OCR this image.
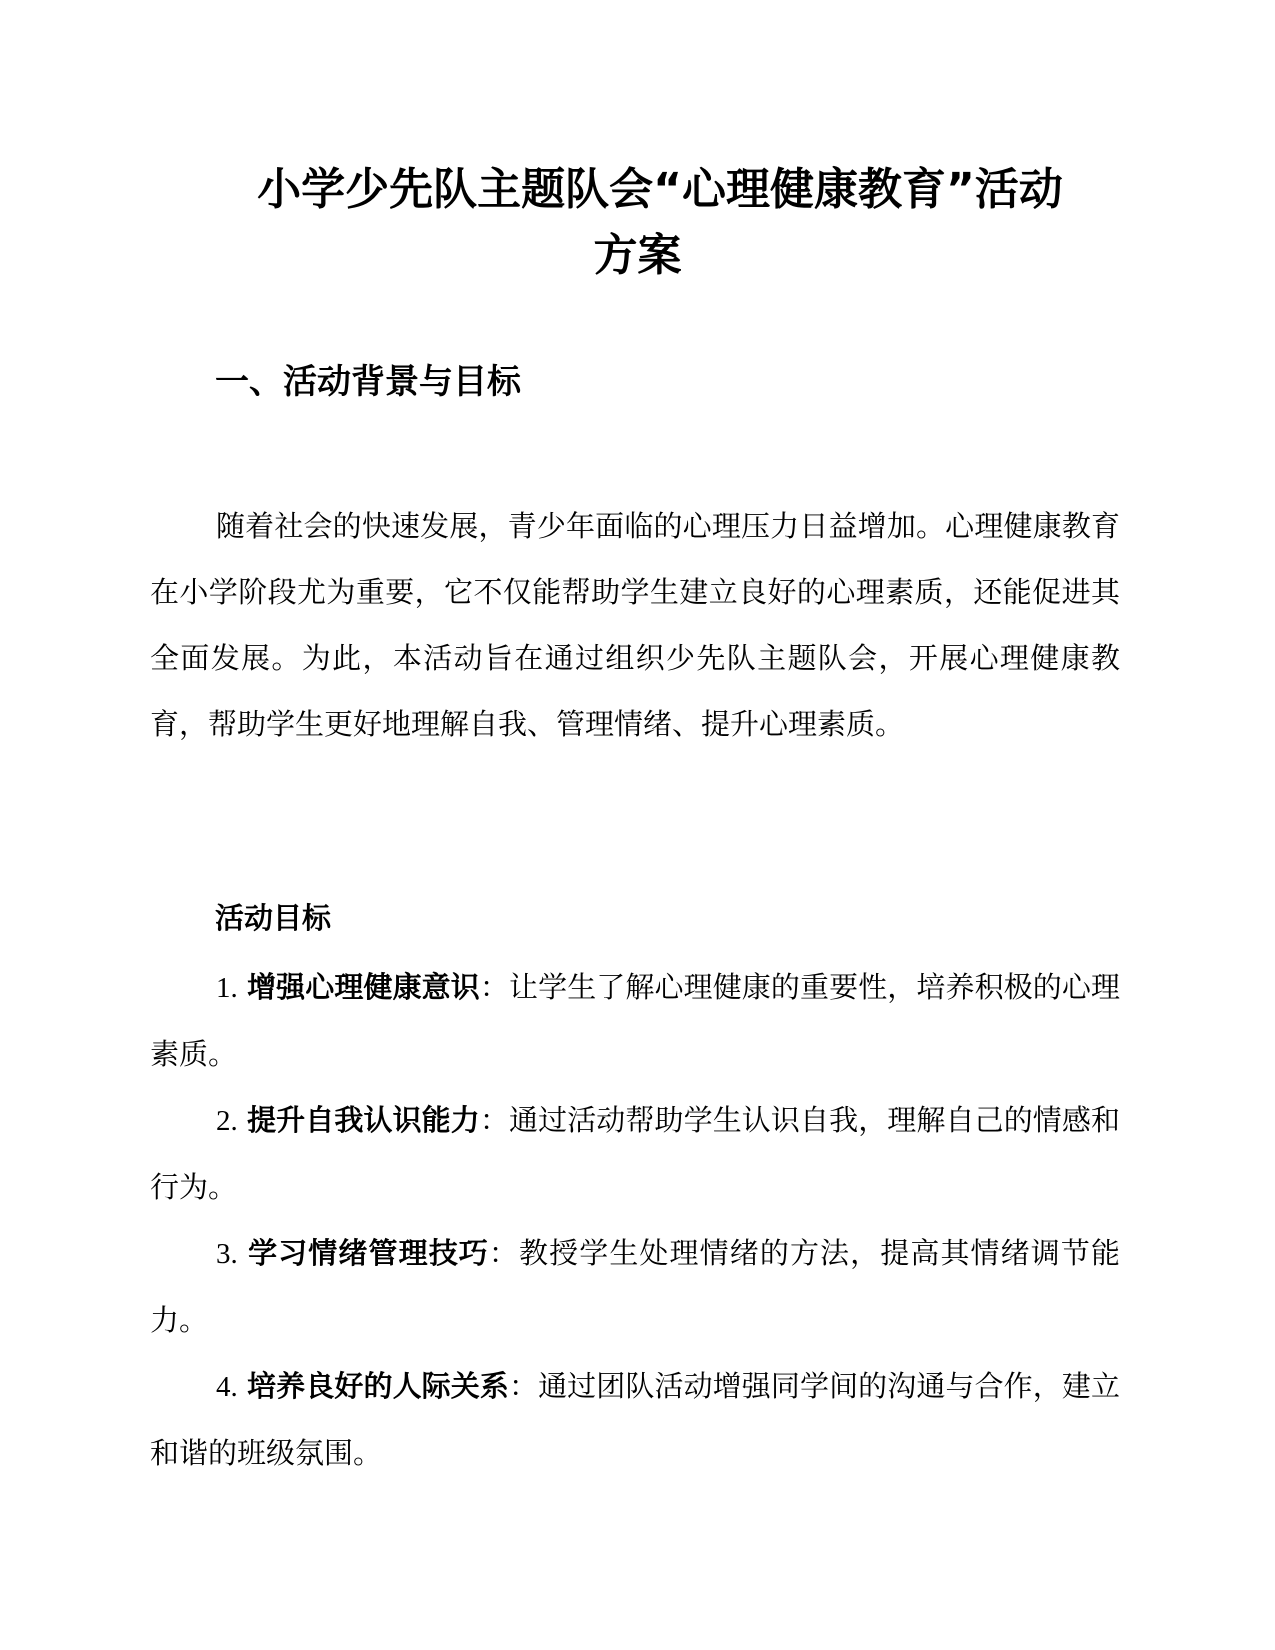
小学少先队主题队会“心理健康教育”活动
方案
一、活动背景与目标

随着社会的快速发展，青少年面临的心理压力日益增加。心理健康教育在小学阶段尤为重要，它不仅能帮助学生建立良好的心理素质，还能促进其全面发展。为此，本活动旨在通过组织少先队主题队会，开展心理健康教育，帮助学生更好地理解自我、管理情绪、提升心理素质。

活动目标

1. 增强心理健康意识：让学生了解心理健康的重要性，培养积极的心理素质。

2. 提升自我认识能力：通过活动帮助学生认识自我，理解自己的情感和行为。

3. 学习情绪管理技巧：教授学生处理情绪的方法，提高其情绪调节能力。

4. 培养良好的人际关系：通过团队活动增强同学间的沟通与合作，建立和谐的班级氛围。
